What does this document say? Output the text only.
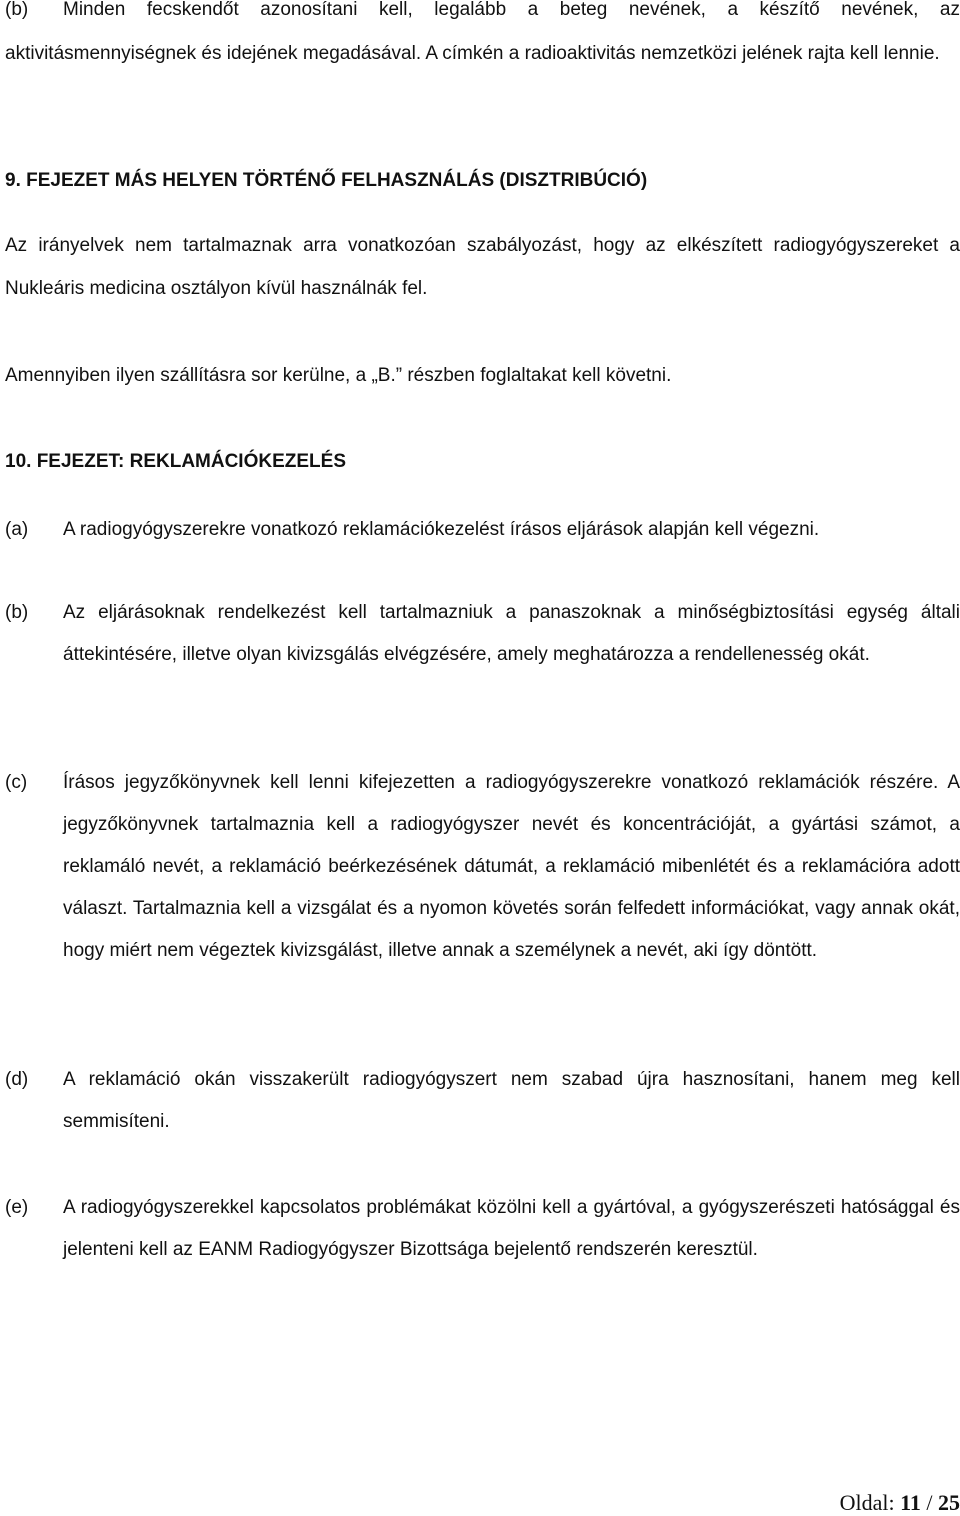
(b)	Minden fecskendőt azonosítani kell, legalább a beteg nevének, a készítő nevének, az aktivitásmennyiségnek és idejének megadásával. A címkén a radioaktivitás nemzetközi jelének rajta kell lennie.
9. FEJEZET MÁS HELYEN TÖRTÉNŐ FELHASZNÁLÁS (DISZTRIBÚCIÓ)
Az irányelvek nem tartalmaznak arra vonatkozóan szabályozást, hogy az elkészített radiogyógyszereket a Nukleáris medicina osztályon kívül használnák fel.
Amennyiben ilyen szállításra sor kerülne, a „B.” részben foglaltakat kell követni.
10. FEJEZET: REKLAMÁCIÓKEZELÉS
(a)	A radiogyógyszerekre vonatkozó reklamációkezelést írásos eljárások alapján kell végezni.
(b)	Az eljárásoknak rendelkezést kell tartalmazniuk a panaszoknak a minőségbiztosítási egység általi áttekintésére, illetve olyan kivizsgálás elvégzésére, amely meghatározza a rendellenesség okát.
(c)	Írásos jegyzőkönyvnek kell lenni kifejezetten a radiogyógyszerekre vonatkozó reklamációk részére. A jegyzőkönyvnek tartalmaznia kell a radiogyógyszer nevét és koncentrációját, a gyártási számot, a reklamáló nevét, a reklamáció beérkezésének dátumát, a reklamáció mibenlétét és a reklamációra adott választ. Tartalmaznia kell a vizsgálat és a nyomon követés során felfedett információkat, vagy annak okát, hogy miért nem végeztek kivizsgálást, illetve annak a személynek a nevét, aki így döntött.
(d)	A reklamáció okán visszakerült radiogyógyszert nem szabad újra hasznosítani, hanem meg kell semmisíteni.
(e)	A radiogyógyszerekkel kapcsolatos problémákat közölni kell a gyártóval, a gyógyszerészeti hatósággal és jelenteni kell az EANM Radiogyógyszer Bizottsága bejelentő rendszerén keresztül.
Oldal: 11 / 25
